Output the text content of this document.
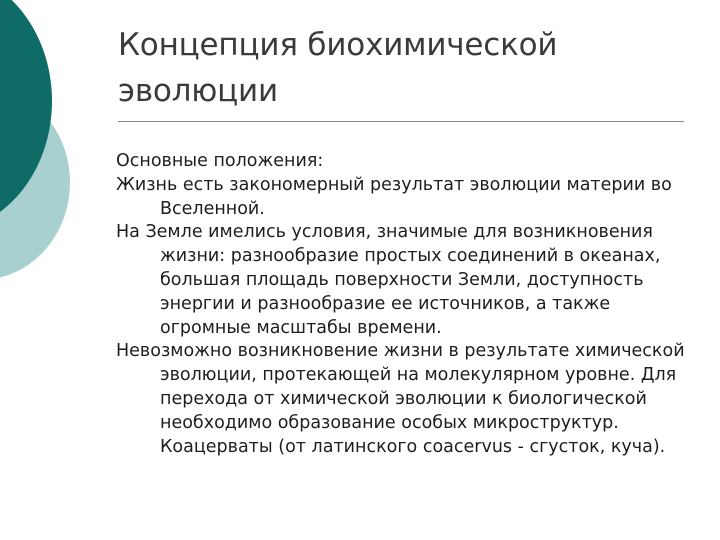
Концепция биохимической эволюции

Основные положения:

Жизнь есть закономерный результат эволюции материи во Вселенной.

На Земле имелись условия, значимые для возникновения жизни: разнообразие простых соединений в океанах, большая площадь поверхности Земли, доступность энергии и разнообразие ее источников, а также огромные масштабы времени.

Невозможно возникновение жизни в результате химической эволюции, протекающей на молекулярном уровне. Для перехода от химической эволюции к биологической необходимо образование особых микроструктур. Коацерваты (от латинского coacervus - сгусток, куча).
